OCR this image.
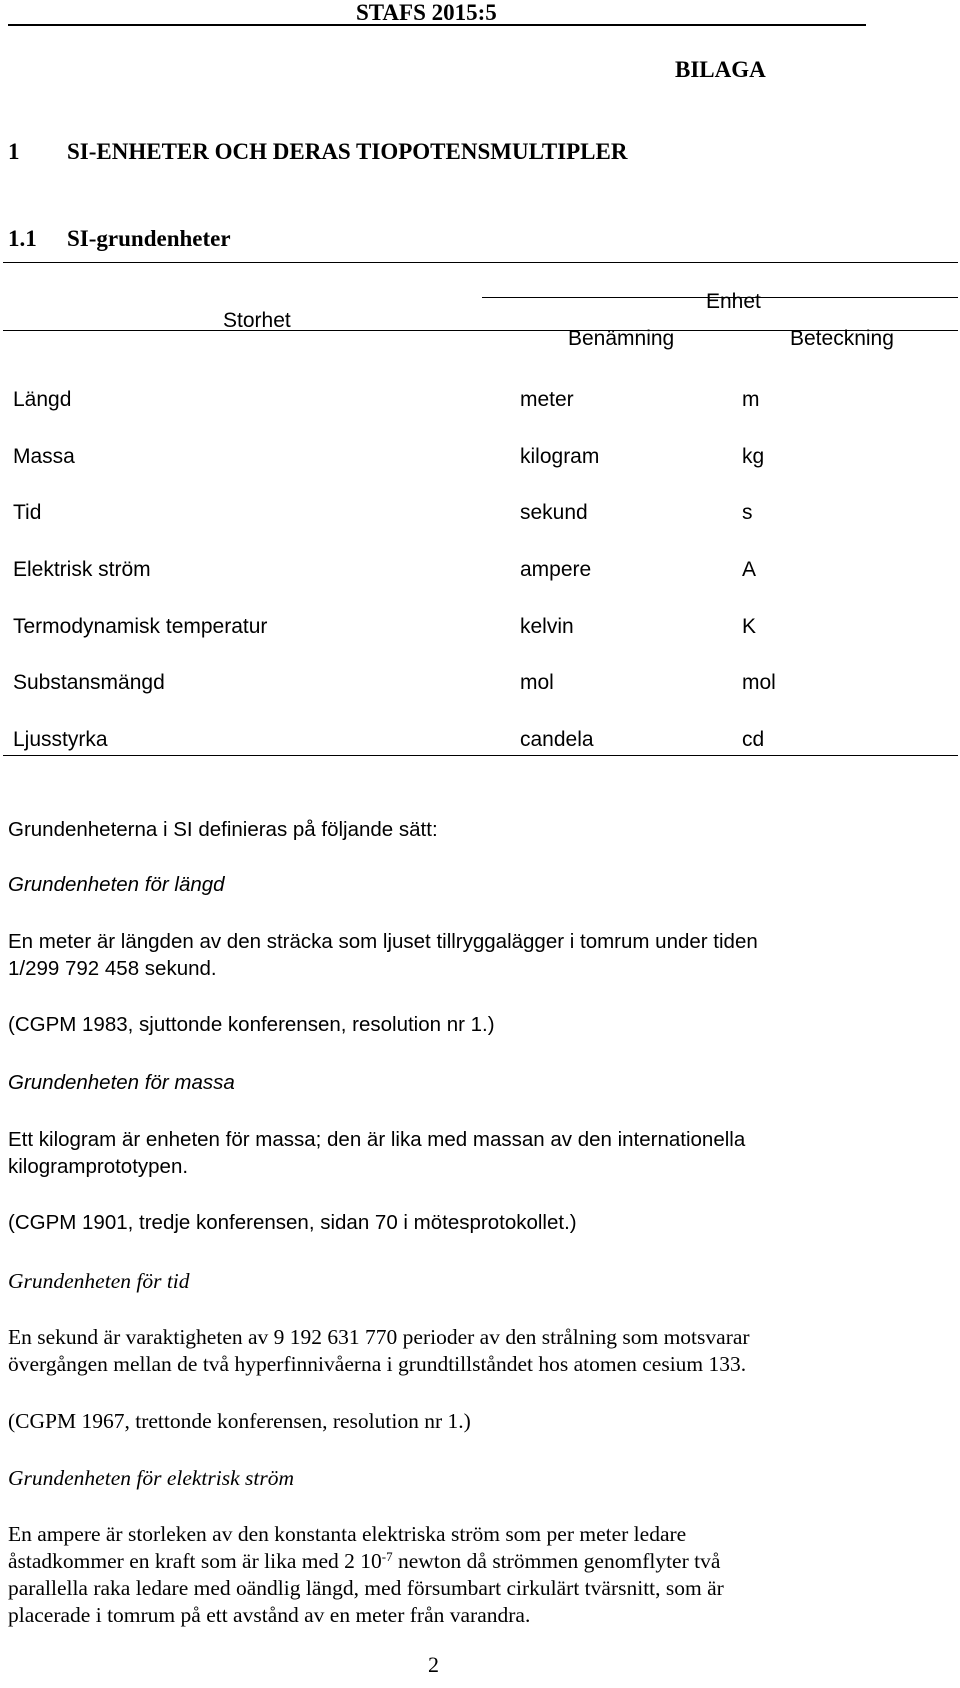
STAFS 2015:5
BILAGA
1 SI-ENHETER OCH DERAS TIOPOTENSMULTIPLER
1.1 SI-grundenheter
Storhet
Enhet
Benämning	Beteckning
Längd	meter	m
Massa	kilogram	kg
Tid	sekund	s
Elektrisk ström	ampere	A
Termodynamisk temperatur	kelvin	K
Substansmängd	mol	mol
Ljusstyrka	candela	cd
Grundenheterna i SI definieras på följande sätt:
Grundenheten för längd
En meter är längden av den sträcka som ljuset tillryggalägger i tomrum under tiden
1/299 792 458 sekund.
(CGPM 1983, sjuttonde konferensen, resolution nr 1.)
Grundenheten för massa
Ett kilogram är enheten för massa; den är lika med massan av den internationella
kilogramprototypen.
(CGPM 1901, tredje konferensen, sidan 70 i mötesprotokollet.)
Grundenheten för tid
En sekund är varaktigheten av 9 192 631 770 perioder av den strålning som motsvarar
övergången mellan de två hyperfinnivåerna i grundtillståndet hos atomen cesium 133.
(CGPM 1967, trettonde konferensen, resolution nr 1.)
Grundenheten för elektrisk ström
En ampere är storleken av den konstanta elektriska ström som per meter ledare
åstadkommer en kraft som är lika med 2 $10^{-7}$ newton då strömmen genomflyter två
parallella raka ledare med oändlig längd, med försumbart cirkulärt tvärsnitt, som är
placerade i tomrum på ett avstånd av en meter från varandra.
2
